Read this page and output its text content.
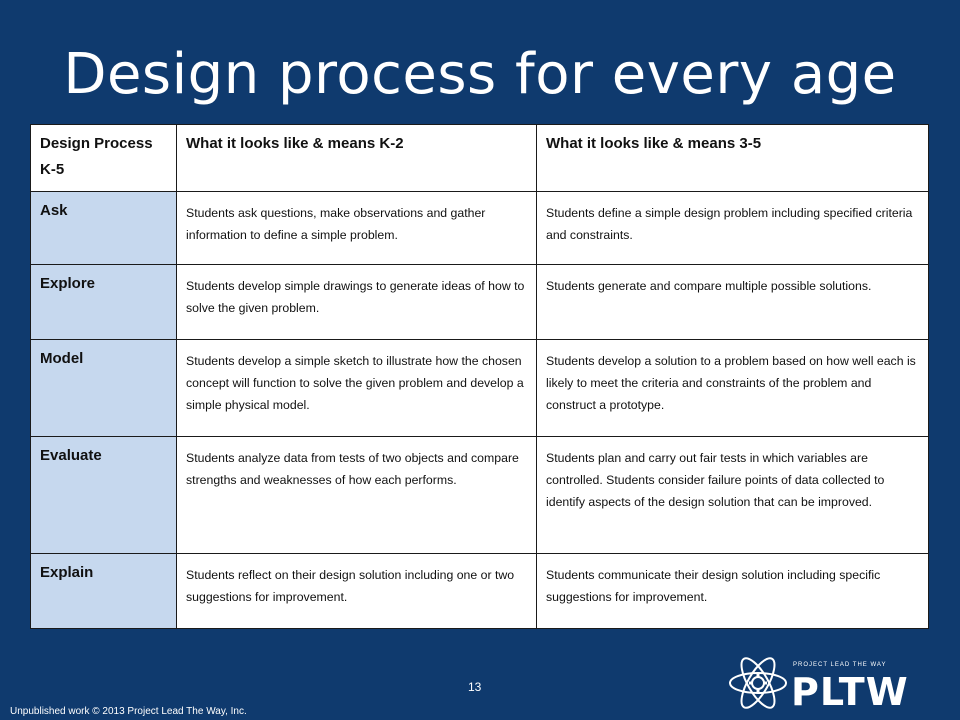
Design process for every age
Design Process K-5	What it looks like & means K-2	What it looks like & means 3-5
Ask	Students ask questions, make observations and gather information to define a simple problem.	Students define a simple design problem including specified criteria and constraints.
Explore	Students develop simple drawings to generate ideas of how to solve the given problem.	Students generate and compare multiple possible solutions.
Model	Students develop a simple sketch to illustrate how the chosen concept will function to solve the given problem and develop a simple physical model.	Students develop a solution to a problem based on how well each is likely to meet the criteria and constraints of the problem and construct a prototype.
Evaluate	Students analyze data from tests of two objects and compare strengths and weaknesses of how each performs.	Students plan and carry out fair tests in which variables are controlled. Students consider failure points of data collected to identify aspects of the design solution that can be improved.
Explain	Students reflect on their design solution including one or two suggestions for improvement.	Students communicate their design solution including specific suggestions for improvement.
Unpublished work © 2013 Project Lead The Way, Inc.
13
PROJECT LEAD THE WAY
PLTW
